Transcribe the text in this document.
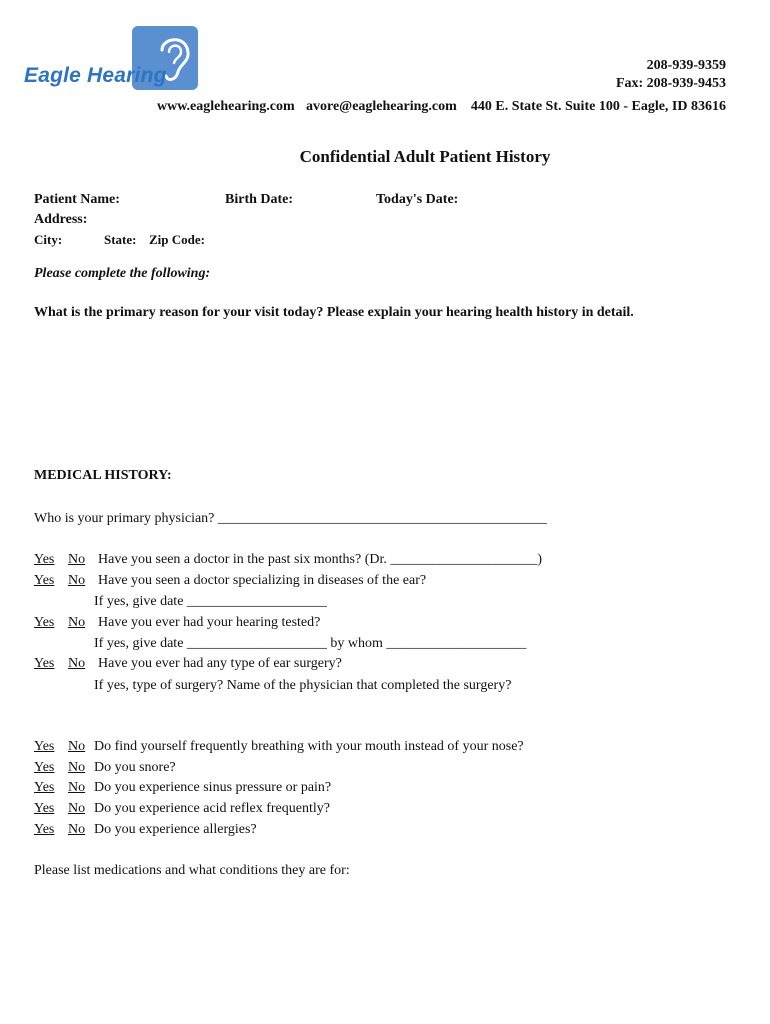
Eagle Hearing	208-939-9359
Fax: 208-939-9453
www.eaglehearing.com avore@eaglehearing.com 440 E. State St. Suite 100 - Eagle, ID 83616
Confidential Adult Patient History
Patient Name:	Birth Date:	Today's Date:
Address:
City:	State: Zip Code:
Please complete the following:
What is the primary reason for your visit today? Please explain your hearing health history in detail.
MEDICAL HISTORY:
Who is your primary physician? _______________________________________________
Yes No Have you seen a doctor in the past six months? (Dr. _____________________)
Yes No Have you seen a doctor specializing in diseases of the ear?
If yes, give date ____________________
Yes No Have you ever had your hearing tested?
If yes, give date ____________________ by whom ____________________
Yes No Have you ever had any type of ear surgery?
If yes, type of surgery? Name of the physician that completed the surgery?
Yes No Do find yourself frequently breathing with your mouth instead of your nose?
Yes No Do you snore?
Yes No Do you experience sinus pressure or pain?
Yes No Do you experience acid reflex frequently?
Yes No Do you experience allergies?
Please list medications and what conditions they are for:
